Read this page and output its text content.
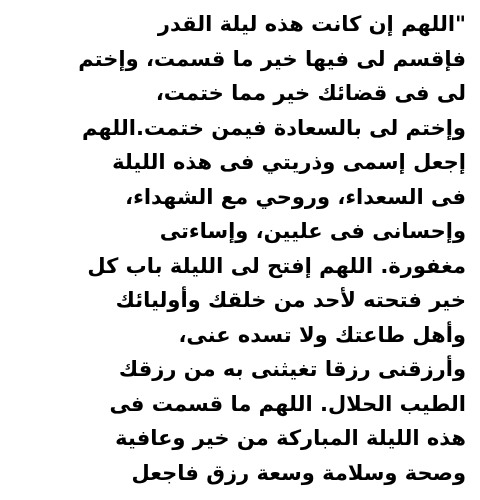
"اللهم إن كانت هذه ليلة القدر
فإقسم لى فيها خير ما قسمت، وإختم
لى فى قضائك خير مما ختمت،
وإختم لى بالسعادة فيمن ختمت.اللهم
إجعل إسمى وذريتي فى هذه الليلة
فى السعداء، وروحي مع الشهداء،
وإحسانى فى عليين، وإساءتى
مغفورة. اللهم إفتح لى الليلة باب كل
خير فتحته لأحد من خلقك وأوليائك
وأهل طاعتك ولا تسده عنى،
وأرزقنى رزقا تغيثنى به من رزقك
الطيب الحلال. اللهم ما قسمت فى
هذه الليلة المباركة من خير وعافية
وصحة وسلامة وسعة رزق فاجعل
